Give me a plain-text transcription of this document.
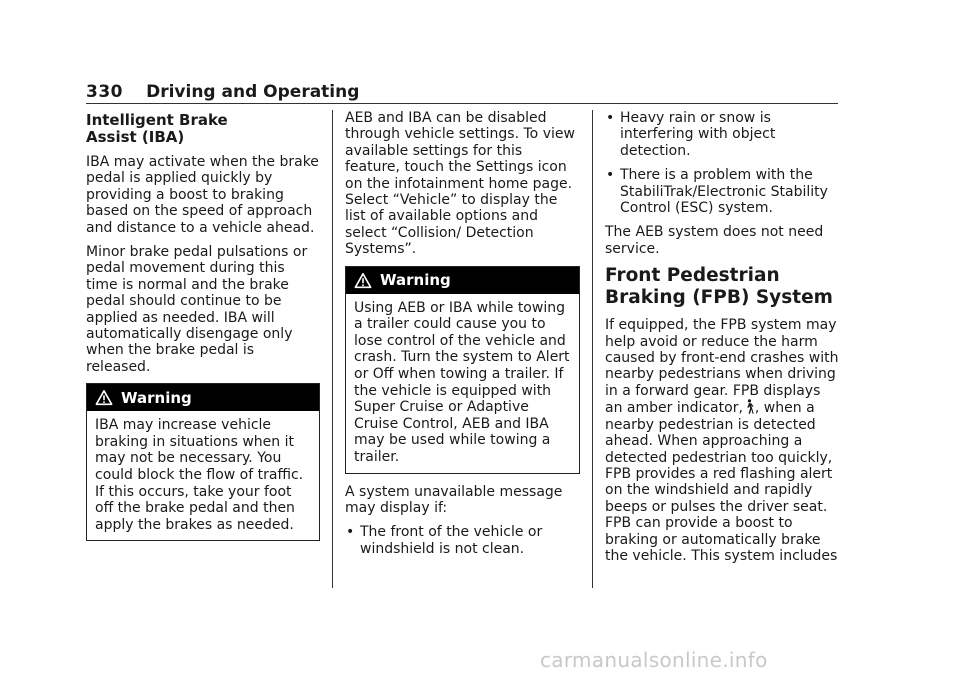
330 Driving and Operating
Intelligent Brake
Assist (IBA)

IBA may activate when the brake pedal is applied quickly by providing a boost to braking based on the speed of approach and distance to a vehicle ahead.

Minor brake pedal pulsations or pedal movement during this time is normal and the brake pedal should continue to be applied as needed. IBA will automatically disengage only when the brake pedal is released.

Warning
IBA may increase vehicle braking in situations when it may not be necessary. You could block the flow of traffic. If this occurs, take your foot off the brake pedal and then apply the brakes as needed.

AEB and IBA can be disabled through vehicle settings. To view available settings for this feature, touch the Settings icon on the infotainment home page. Select “Vehicle” to display the list of available options and select “Collision/ Detection Systems”.

Warning
Using AEB or IBA while towing a trailer could cause you to lose control of the vehicle and crash. Turn the system to Alert or Off when towing a trailer. If the vehicle is equipped with Super Cruise or Adaptive Cruise Control, AEB and IBA may be used while towing a trailer.

A system unavailable message may display if:

• The front of the vehicle or windshield is not clean.
• Heavy rain or snow is interfering with object detection.
• There is a problem with the StabiliTrak/Electronic Stability Control (ESC) system.

The AEB system does not need service.

Front Pedestrian
Braking (FPB) System

If equipped, the FPB system may help avoid or reduce the harm caused by front-end crashes with nearby pedestrians when driving in a forward gear. FPB displays an amber indicator, , when a nearby pedestrian is detected ahead. When approaching a detected pedestrian too quickly, FPB provides a red flashing alert on the windshield and rapidly beeps or pulses the driver seat. FPB can provide a boost to braking or automatically brake the vehicle. This system includes

carmanualsonline.info
